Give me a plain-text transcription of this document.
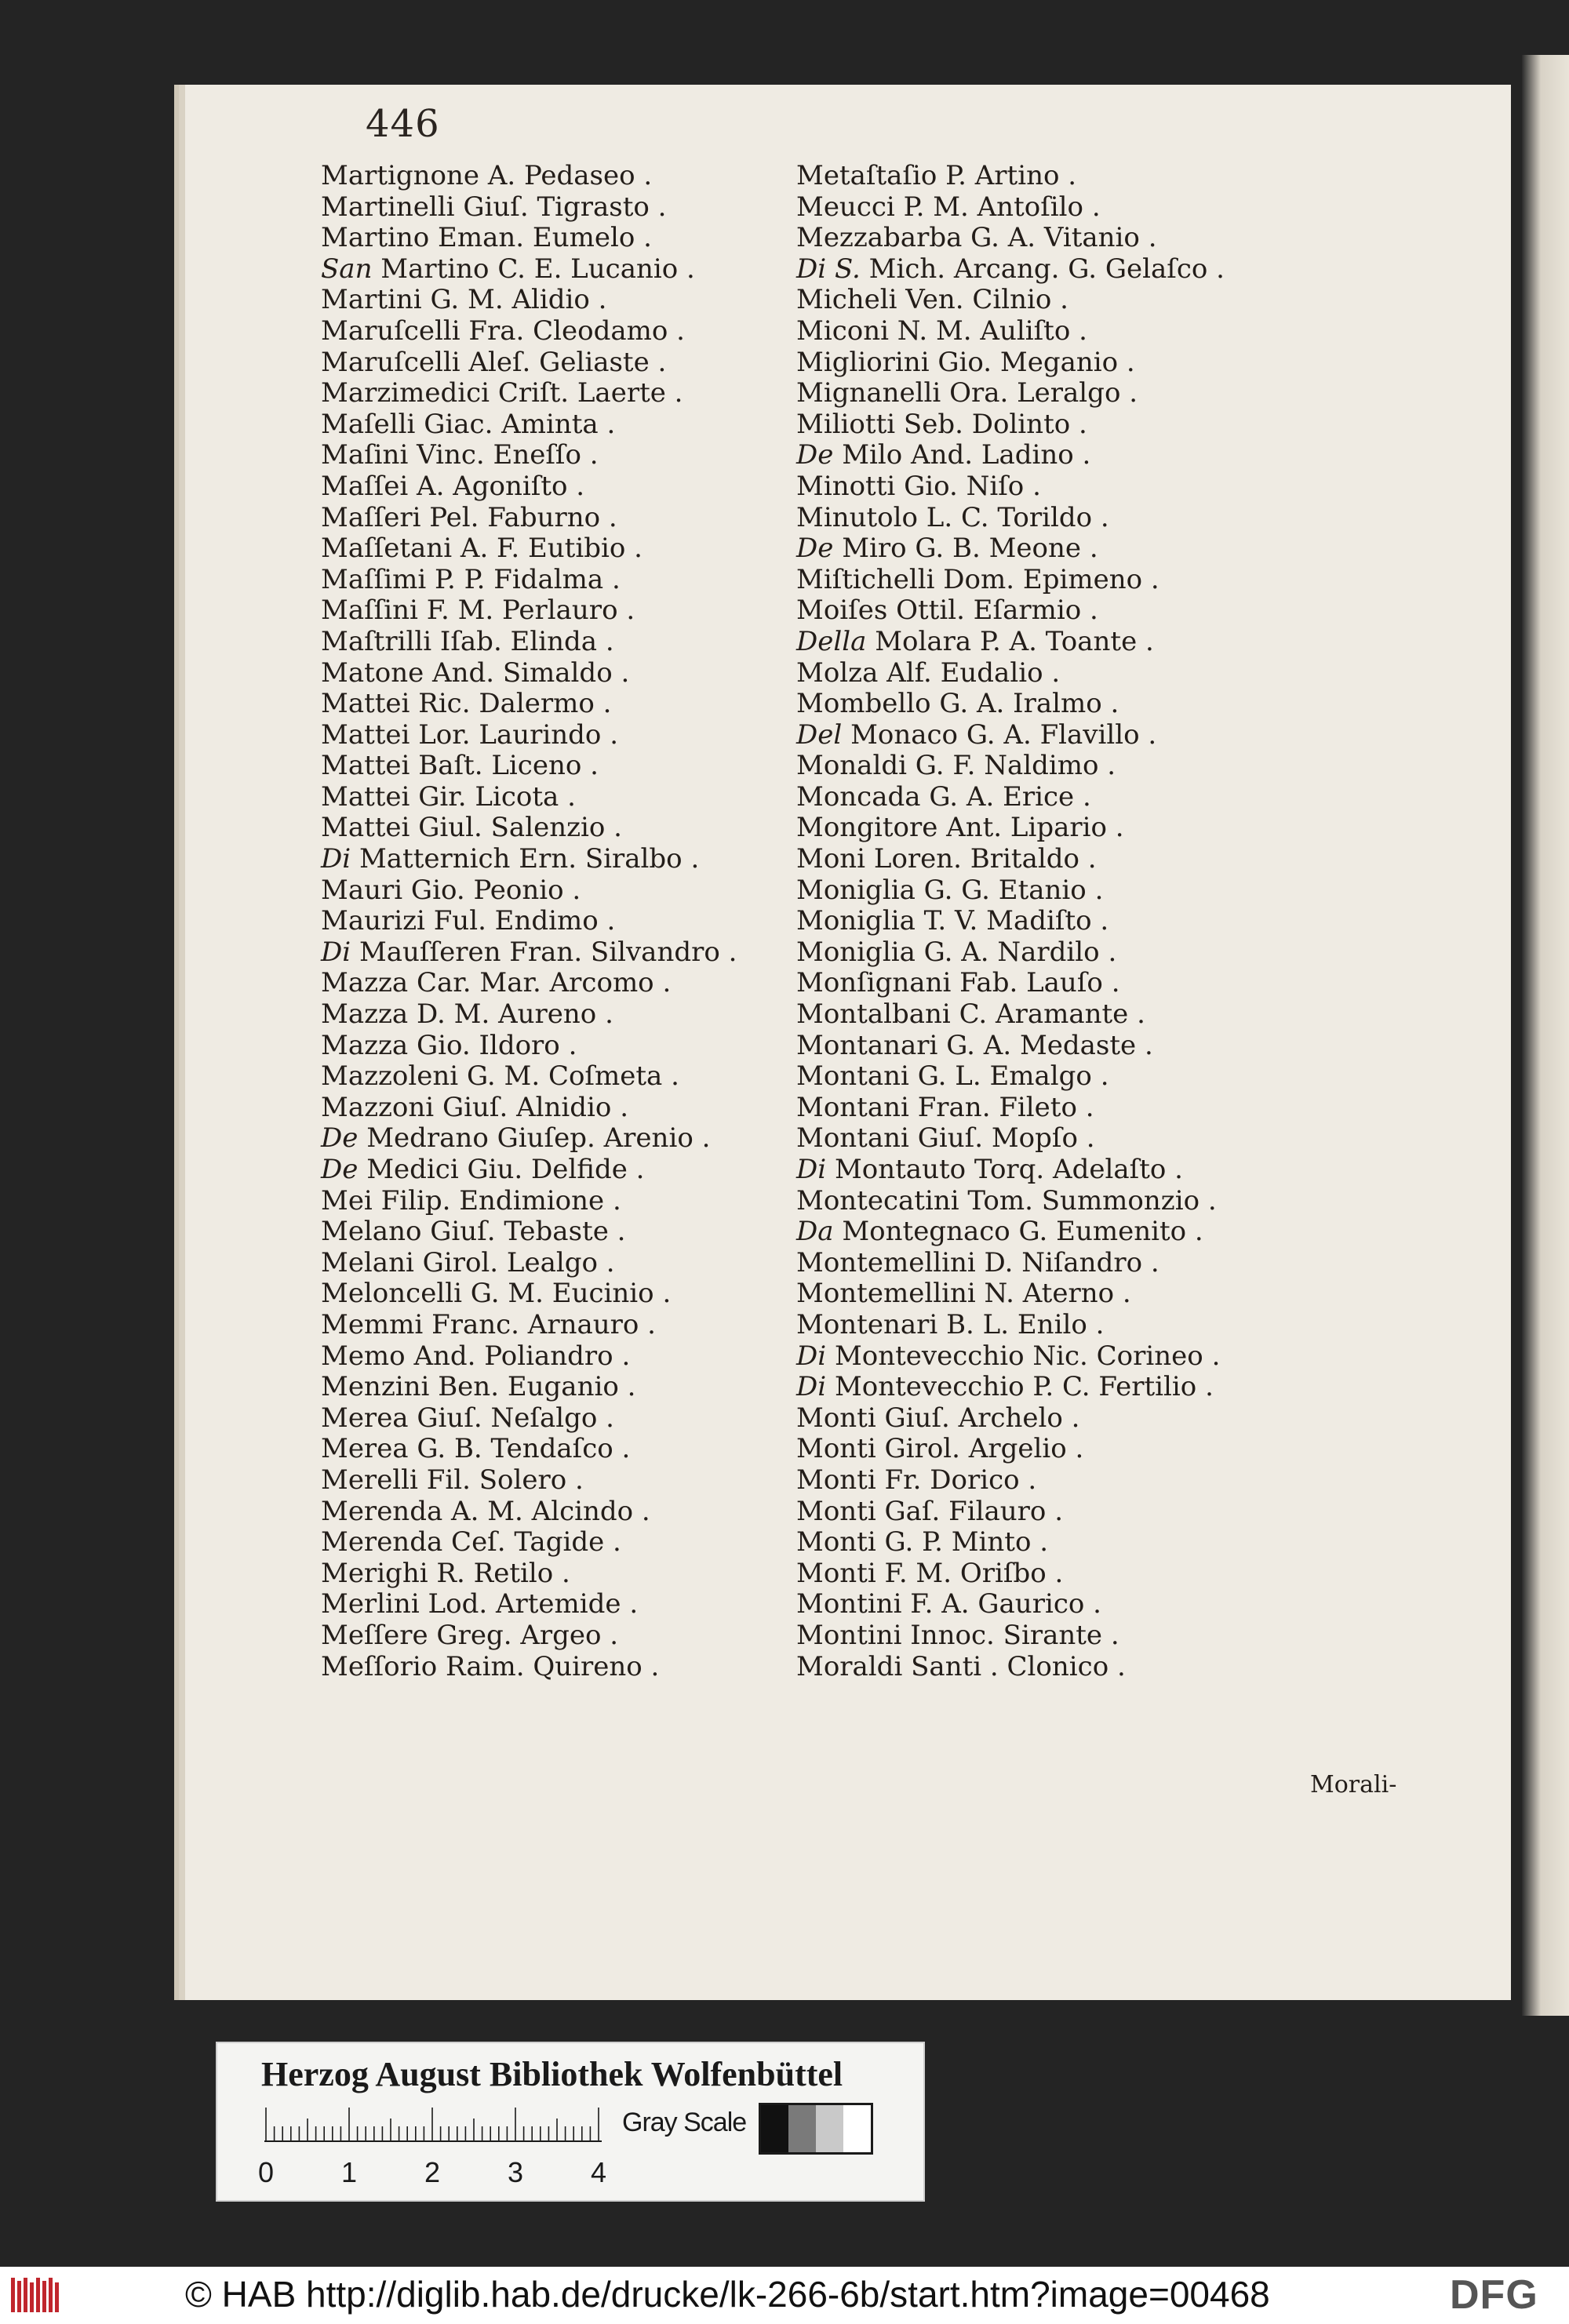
446
Martignone A. Pedaseo .
Martinelli Giuſ. Tigrasto .
Martino Eman. Eumelo .
San Martino C. E. Lucanio .
Martini G. M. Alidio .
Maruſcelli Fra. Cleodamo .
Maruſcelli Aleſ. Geliaste .
Marzimedici Criſt. Laerte .
Maſelli Giac. Aminta .
Maſini Vinc. Eneſſo .
Maſſei A. Agoniſto .
Maſſeri Pel. Faburno .
Maſſetani A. F. Eutibio .
Maſſimi P. P. Fidalma .
Maſſini F. M. Perlauro .
Maſtrilli Iſab. Elinda .
Matone And. Simaldo .
Mattei Ric. Dalermo .
Mattei Lor. Laurindo .
Mattei Baſt. Liceno .
Mattei Gir. Licota .
Mattei Giul. Salenzio .
Di Matternich Ern. Siralbo .
Mauri Gio. Peonio .
Maurizi Ful. Endimo .
Di Mauſſeren Fran. Silvandro .
Mazza Car. Mar. Arcomo .
Mazza D. M. Aureno .
Mazza Gio. Ildoro .
Mazzoleni G. M. Coſmeta .
Mazzoni Giuſ. Alnidio .
De Medrano Giuſep. Arenio .
De Medici Giu. Delfide .
Mei Filip. Endimione .
Melano Giuſ. Tebaste .
Melani Girol. Lealgo .
Meloncelli G. M. Eucinio .
Memmi Franc. Arnauro .
Memo And. Poliandro .
Menzini Ben. Euganio .
Merea Giuſ. Neſalgo .
Merea G. B. Tendaſco .
Merelli Fil. Solero .
Merenda A. M. Alcindo .
Merenda Ceſ. Tagide .
Merighi R. Retilo .
Merlini Lod. Artemide .
Meſſere Greg. Argeo .
Meſſorio Raim. Quireno .
Metaſtaſio P. Artino .
Meucci P. M. Antoſilo .
Mezzabarba G. A. Vitanio .
Di S. Mich. Arcang. G. Gelaſco .
Micheli Ven. Cilnio .
Miconi N. M. Auliſto .
Migliorini Gio. Meganio .
Mignanelli Ora. Leralgo .
Miliotti Seb. Dolinto .
De Milo And. Ladino .
Minotti Gio. Niſo .
Minutolo L. C. Torildo .
De Miro G. B. Meone .
Miſtichelli Dom. Epimeno .
Moiſes Ottil. Eſarmio .
Della Molara P. A. Toante .
Molza Alf. Eudalio .
Mombello G. A. Iralmo .
Del Monaco G. A. Flavillo .
Monaldi G. F. Naldimo .
Moncada G. A. Erice .
Mongitore Ant. Lipario .
Moni Loren. Britaldo .
Moniglia G. G. Etanio .
Moniglia T. V. Madiſto .
Moniglia G. A. Nardilo .
Monſignani Fab. Lauſo .
Montalbani C. Aramante .
Montanari G. A. Medaste .
Montani G. L. Emalgo .
Montani Fran. Fileto .
Montani Giuſ. Mopſo .
Di Montauto Torq. Adelaſto .
Montecatini Tom. Summonzio .
Da Montegnaco G. Eumenito .
Montemellini D. Niſandro .
Montemellini N. Aterno .
Montenari B. L. Enilo .
Di Montevecchio Nic. Corineo .
Di Montevecchio P. C. Fertilio .
Monti Giuſ. Archelo .
Monti Girol. Argelio .
Monti Fr. Dorico .
Monti Gaſ. Filauro .
Monti G. P. Minto .
Monti F. M. Oriſbo .
Montini F. A. Gaurico .
Montini Innoc. Sirante .
Moraldi Santi . Clonico .
Morali-
Herzog August Bibliothek Wolfenbüttel
Gray Scale
0 1 2 3 4
© HAB http://diglib.hab.de/drucke/lk-266-6b/start.htm?image=00468	DFG
